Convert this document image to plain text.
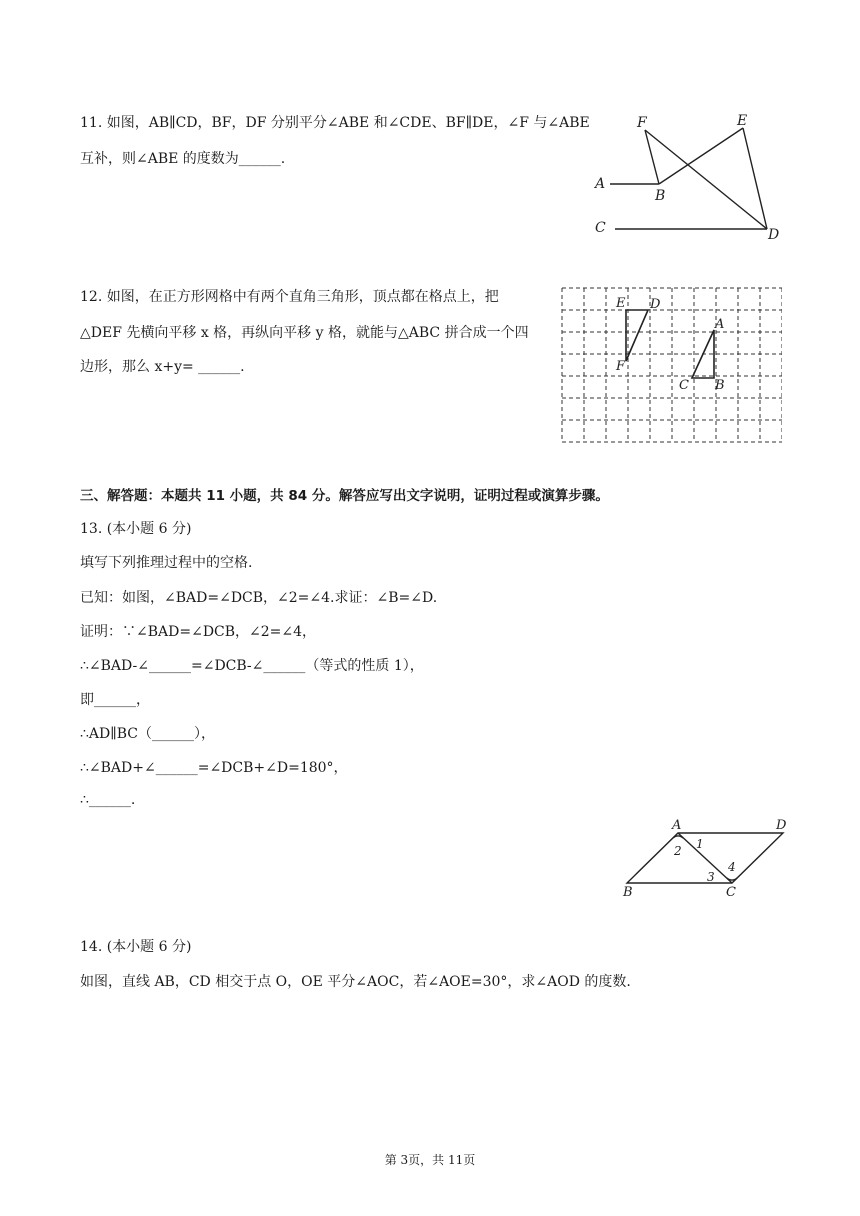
11. 如图，AB∥CD，BF，DF 分别平分∠ABE 和∠CDE、BF∥DE，∠F 与∠ABE
互补，则∠ABE 的度数为______.
F	E
A
B
C	D
12. 如图，在正方形网格中有两个直角三角形，顶点都在格点上，把
△DEF 先横向平移 x 格，再纵向平移 y 格，就能与△ABC 拼合成一个四
边形，那么 x+y= ______.
E D
F
A
C B
三、解答题：本题共 11 小题，共 84 分。解答应写出文字说明，证明过程或演算步骤。
13. (本小题 6 分)
填写下列推理过程中的空格.
已知：如图，∠BAD=∠DCB，∠2=∠4.求证：∠B=∠D.
证明：∵∠BAD=∠DCB，∠2=∠4，
∴∠BAD-∠______=∠DCB-∠______（等式的性质 1），
即______，
∴AD∥BC（______），
∴∠BAD+∠______=∠DCB+∠D=180°，
∴______.
A	D
B	C
1
2
3
4
14. (本小题 6 分)
如图，直线 AB，CD 相交于点 O，OE 平分∠AOC，若∠AOE=30°，求∠AOD 的度数.
第 3页，共 11页
